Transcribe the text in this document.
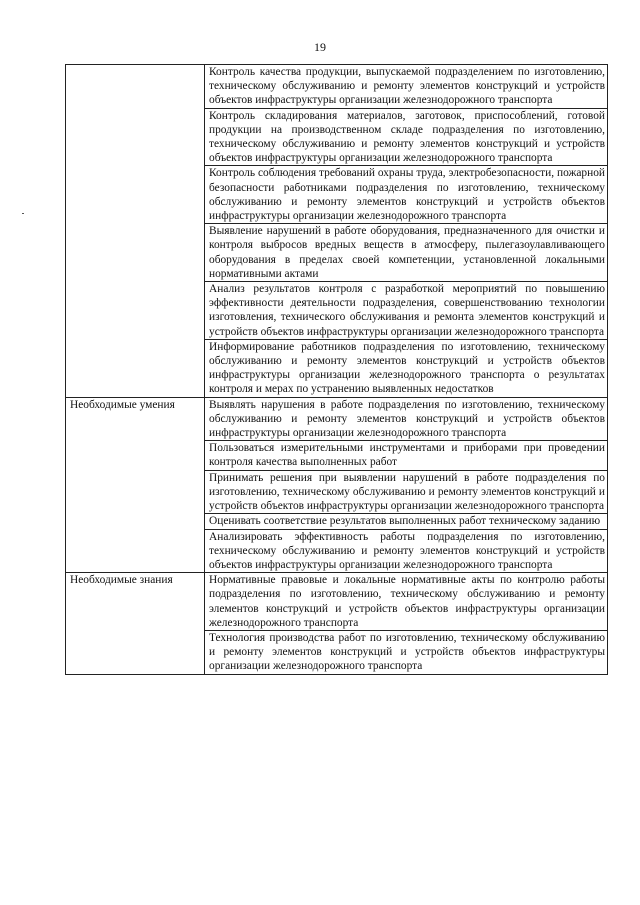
19
	Контроль качества продукции, выпускаемой подразделением по изготовлению, техническому обслуживанию и ремонту элементов конструкций и устройств объектов инфраструктуры организации железнодорожного транспорта
	Контроль складирования материалов, заготовок, приспособлений, готовой продукции на производственном складе подразделения по изготовлению, техническому обслуживанию и ремонту элементов конструкций и устройств объектов инфраструктуры организации железнодорожного транспорта
	Контроль соблюдения требований охраны труда, электробезопасности, пожарной безопасности работниками подразделения по изготовлению, техническому обслуживанию и ремонту элементов конструкций и устройств объектов инфраструктуры организации железнодорожного транспорта
	Выявление нарушений в работе оборудования, предназначенного для очистки и контроля выбросов вредных веществ в атмосферу, пылегазоулавливающего оборудования в пределах своей компетенции, установленной локальными нормативными актами
	Анализ результатов контроля с разработкой мероприятий по повышению эффективности деятельности подразделения, совершенствованию технологии изготовления, технического обслуживания и ремонта элементов конструкций и устройств объектов инфраструктуры организации железнодорожного транспорта
	Информирование работников подразделения по изготовлению, техническому обслуживанию и ремонту элементов конструкций и устройств объектов инфраструктуры организации железнодорожного транспорта о результатах контроля и мерах по устранению выявленных недостатков
Необходимые умения	Выявлять нарушения в работе подразделения по изготовлению, техническому обслуживанию и ремонту элементов конструкций и устройств объектов инфраструктуры организации железнодорожного транспорта
	Пользоваться измерительными инструментами и приборами при проведении контроля качества выполненных работ
	Принимать решения при выявлении нарушений в работе подразделения по изготовлению, техническому обслуживанию и ремонту элементов конструкций и устройств объектов инфраструктуры организации железнодорожного транспорта
	Оценивать соответствие результатов выполненных работ техническому заданию
	Анализировать эффективность работы подразделения по изготовлению, техническому обслуживанию и ремонту элементов конструкций и устройств объектов инфраструктуры организации железнодорожного транспорта
Необходимые знания	Нормативные правовые и локальные нормативные акты по контролю работы подразделения по изготовлению, техническому обслуживанию и ремонту элементов конструкций и устройств объектов инфраструктуры организации железнодорожного транспорта
	Технология производства работ по изготовлению, техническому обслуживанию и ремонту элементов конструкций и устройств объектов инфраструктуры организации железнодорожного транспорта
